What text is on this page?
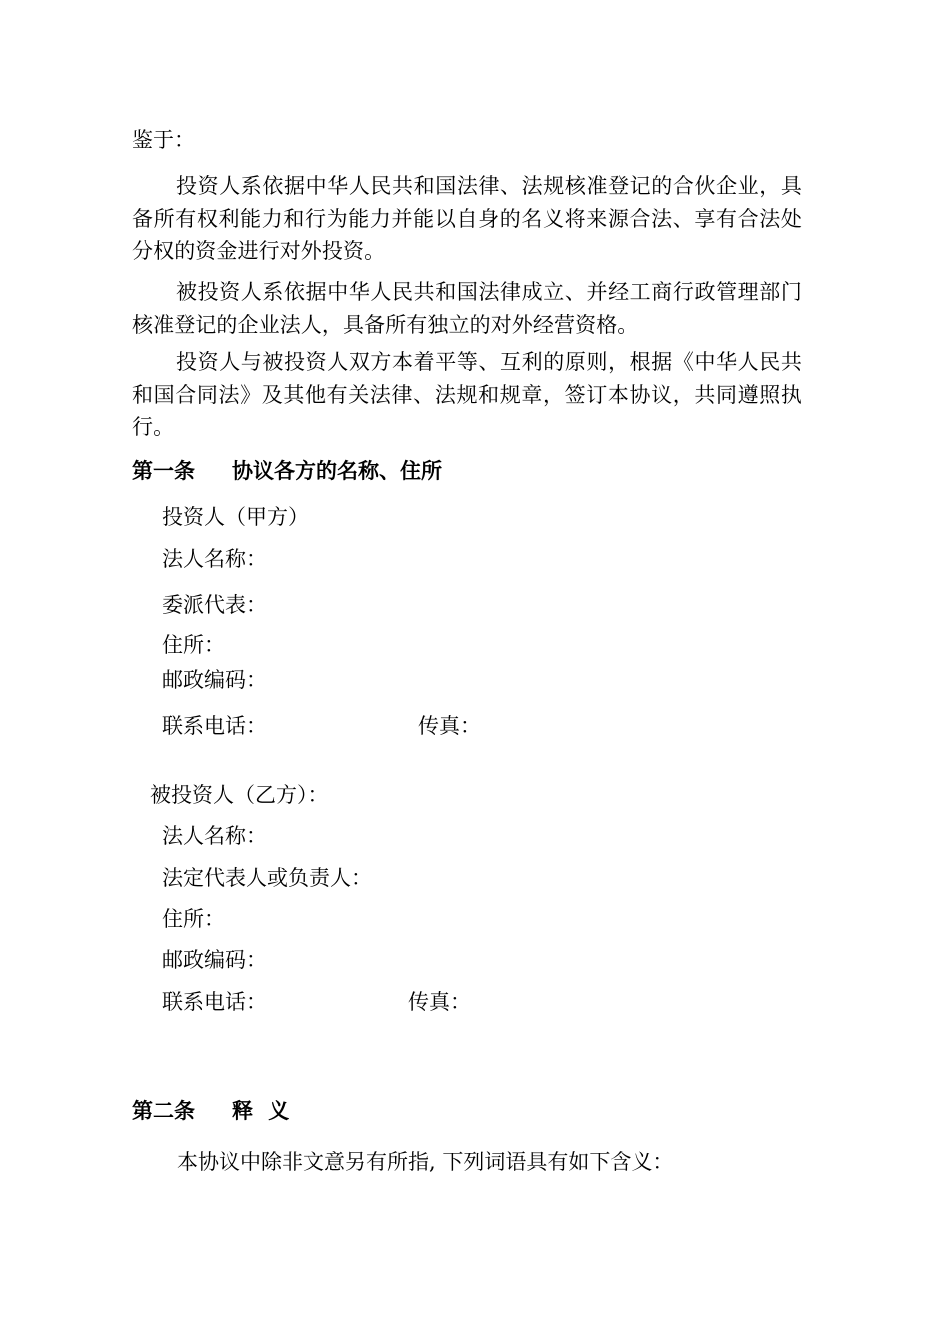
鉴于：
投资人系依据中华人民共和国法律、法规核准登记的合伙企业，具备所有权利能力和行为能力并能以自身的名义将来源合法、享有合法处分权的资金进行对外投资。
被投资人系依据中华人民共和国法律成立、并经工商行政管理部门核准登记的企业法人，具备所有独立的对外经营资格。
投资人与被投资人双方本着平等、互利的原则，根据《中华人民共和国合同法》及其他有关法律、法规和规章，签订本协议，共同遵照执行。
第一条 协议各方的名称、住所
投资人（甲方）
法人名称：
委派代表：
住所：
邮政编码：
联系电话：	传真：
被投资人（乙方）：
法人名称：
法定代表人或负责人：
住所：
邮政编码：
联系电话：	传真：
第二条 释 义
本协议中除非文意另有所指, 下列词语具有如下含义：
